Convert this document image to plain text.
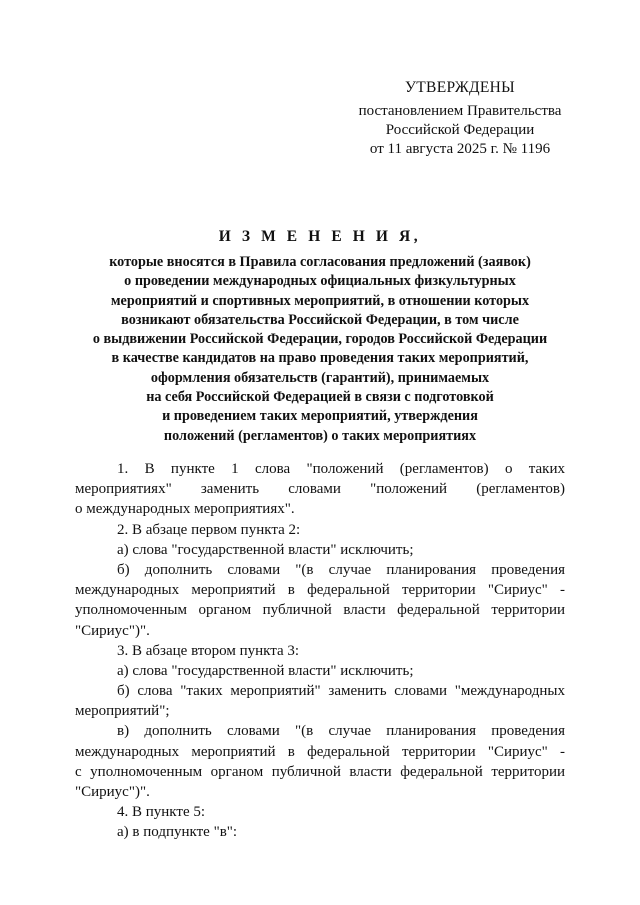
УТВЕРЖДЕНЫ
постановлением Правительства
Российской Федерации
от 11 августа 2025 г. № 1196
И З М Е Н Е Н И Я,
которые вносятся в Правила согласования предложений (заявок)
о проведении международных официальных физкультурных
мероприятий и спортивных мероприятий, в отношении которых
возникают обязательства Российской Федерации, в том числе
о выдвижении Российской Федерации, городов Российской Федерации
в качестве кандидатов на право проведения таких мероприятий,
оформления обязательств (гарантий), принимаемых
на себя Российской Федерацией в связи с подготовкой
и проведением таких мероприятий, утверждения
положений (регламентов) о таких мероприятиях
1. В пункте 1 слова "положений (регламентов) о таких
мероприятиях" заменить словами "положений (регламентов)
о международных мероприятиях".
2. В абзаце первом пункта 2:
а) слова "государственной власти" исключить;
б) дополнить словами "(в случае планирования проведения
международных мероприятий в федеральной территории "Сириус" -
уполномоченным органом публичной власти федеральной территории
"Сириус")".
3. В абзаце втором пункта 3:
а) слова "государственной власти" исключить;
б) слова "таких мероприятий" заменить словами "международных
мероприятий";
в) дополнить словами "(в случае планирования проведения
международных мероприятий в федеральной территории "Сириус" -
с уполномоченным органом публичной власти федеральной территории
"Сириус")".
4. В пункте 5:
а) в подпункте "в":
